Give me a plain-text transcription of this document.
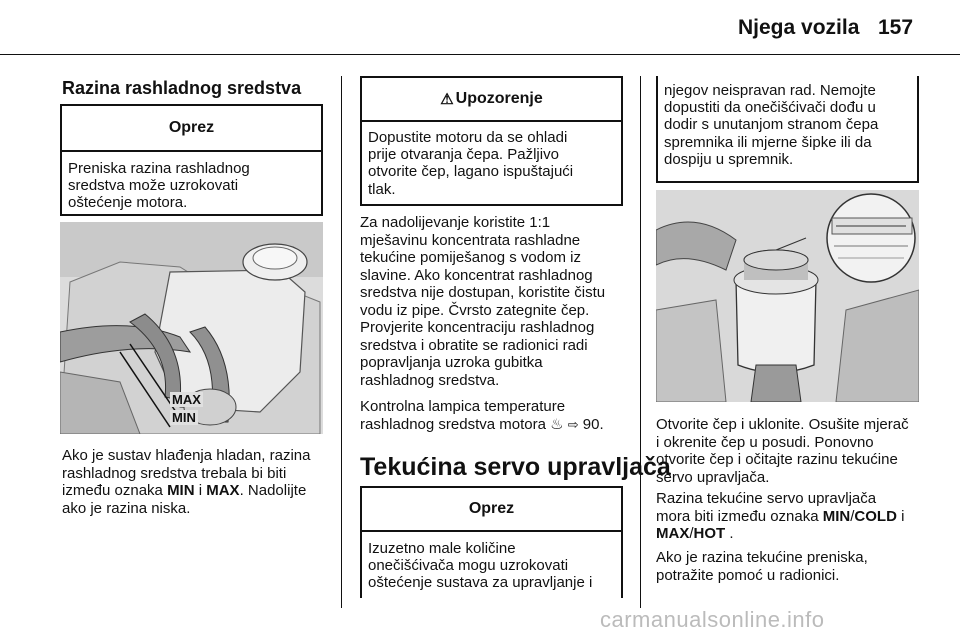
Njega vozila 157
Razina rashladnog sredstva
Oprez
Preniska razina rashladnog
sredstva može uzrokovati
oštećenje motora.
MAX
MIN
Ako je sustav hlađenja hladan, razina
rashladnog sredstva trebala bi biti
između oznaka MIN i MAX. Nadolijte
ako je razina niska.
⚠ Upozorenje
Dopustite motoru da se ohladi
prije otvaranja čepa. Pažljivo
otvorite čep, lagano ispuštajući
tlak.
Za nadolijevanje koristite 1:1
mješavinu koncentrata rashladne
tekućine pomiješanog s vodom iz
slavine. Ako koncentrat rashladnog
sredstva nije dostupan, koristite čistu
vodu iz pipe. Čvrsto zategnite čep.
Provjerite koncentraciju rashladnog
sredstva i obratite se radionici radi
popravljanja uzroka gubitka
rashladnog sredstva.
Kontrolna lampica temperature
rashladnog sredstva motora ♨ ⇨ 90.
Tekućina servo upravljača
Oprez
Izuzetno male količine
onečišćivača mogu uzrokovati
oštećenje sustava za upravljanje i
njegov neispravan rad. Nemojte
dopustiti da onečišćivači dođu u
dodir s unutanjom stranom čepa
spremnika ili mjerne šipke ili da
dospiju u spremnik.
Otvorite čep i uklonite. Osušite mjerač
i okrenite čep u posudi. Ponovno
otvorite čep i očitajte razinu tekućine
servo upravljača.
Razina tekućine servo upravljača
mora biti između oznaka MIN/COLD i
MAX/HOT .
Ako je razina tekućine preniska,
potražite pomoć u radionici.
carmanualsonline.info
